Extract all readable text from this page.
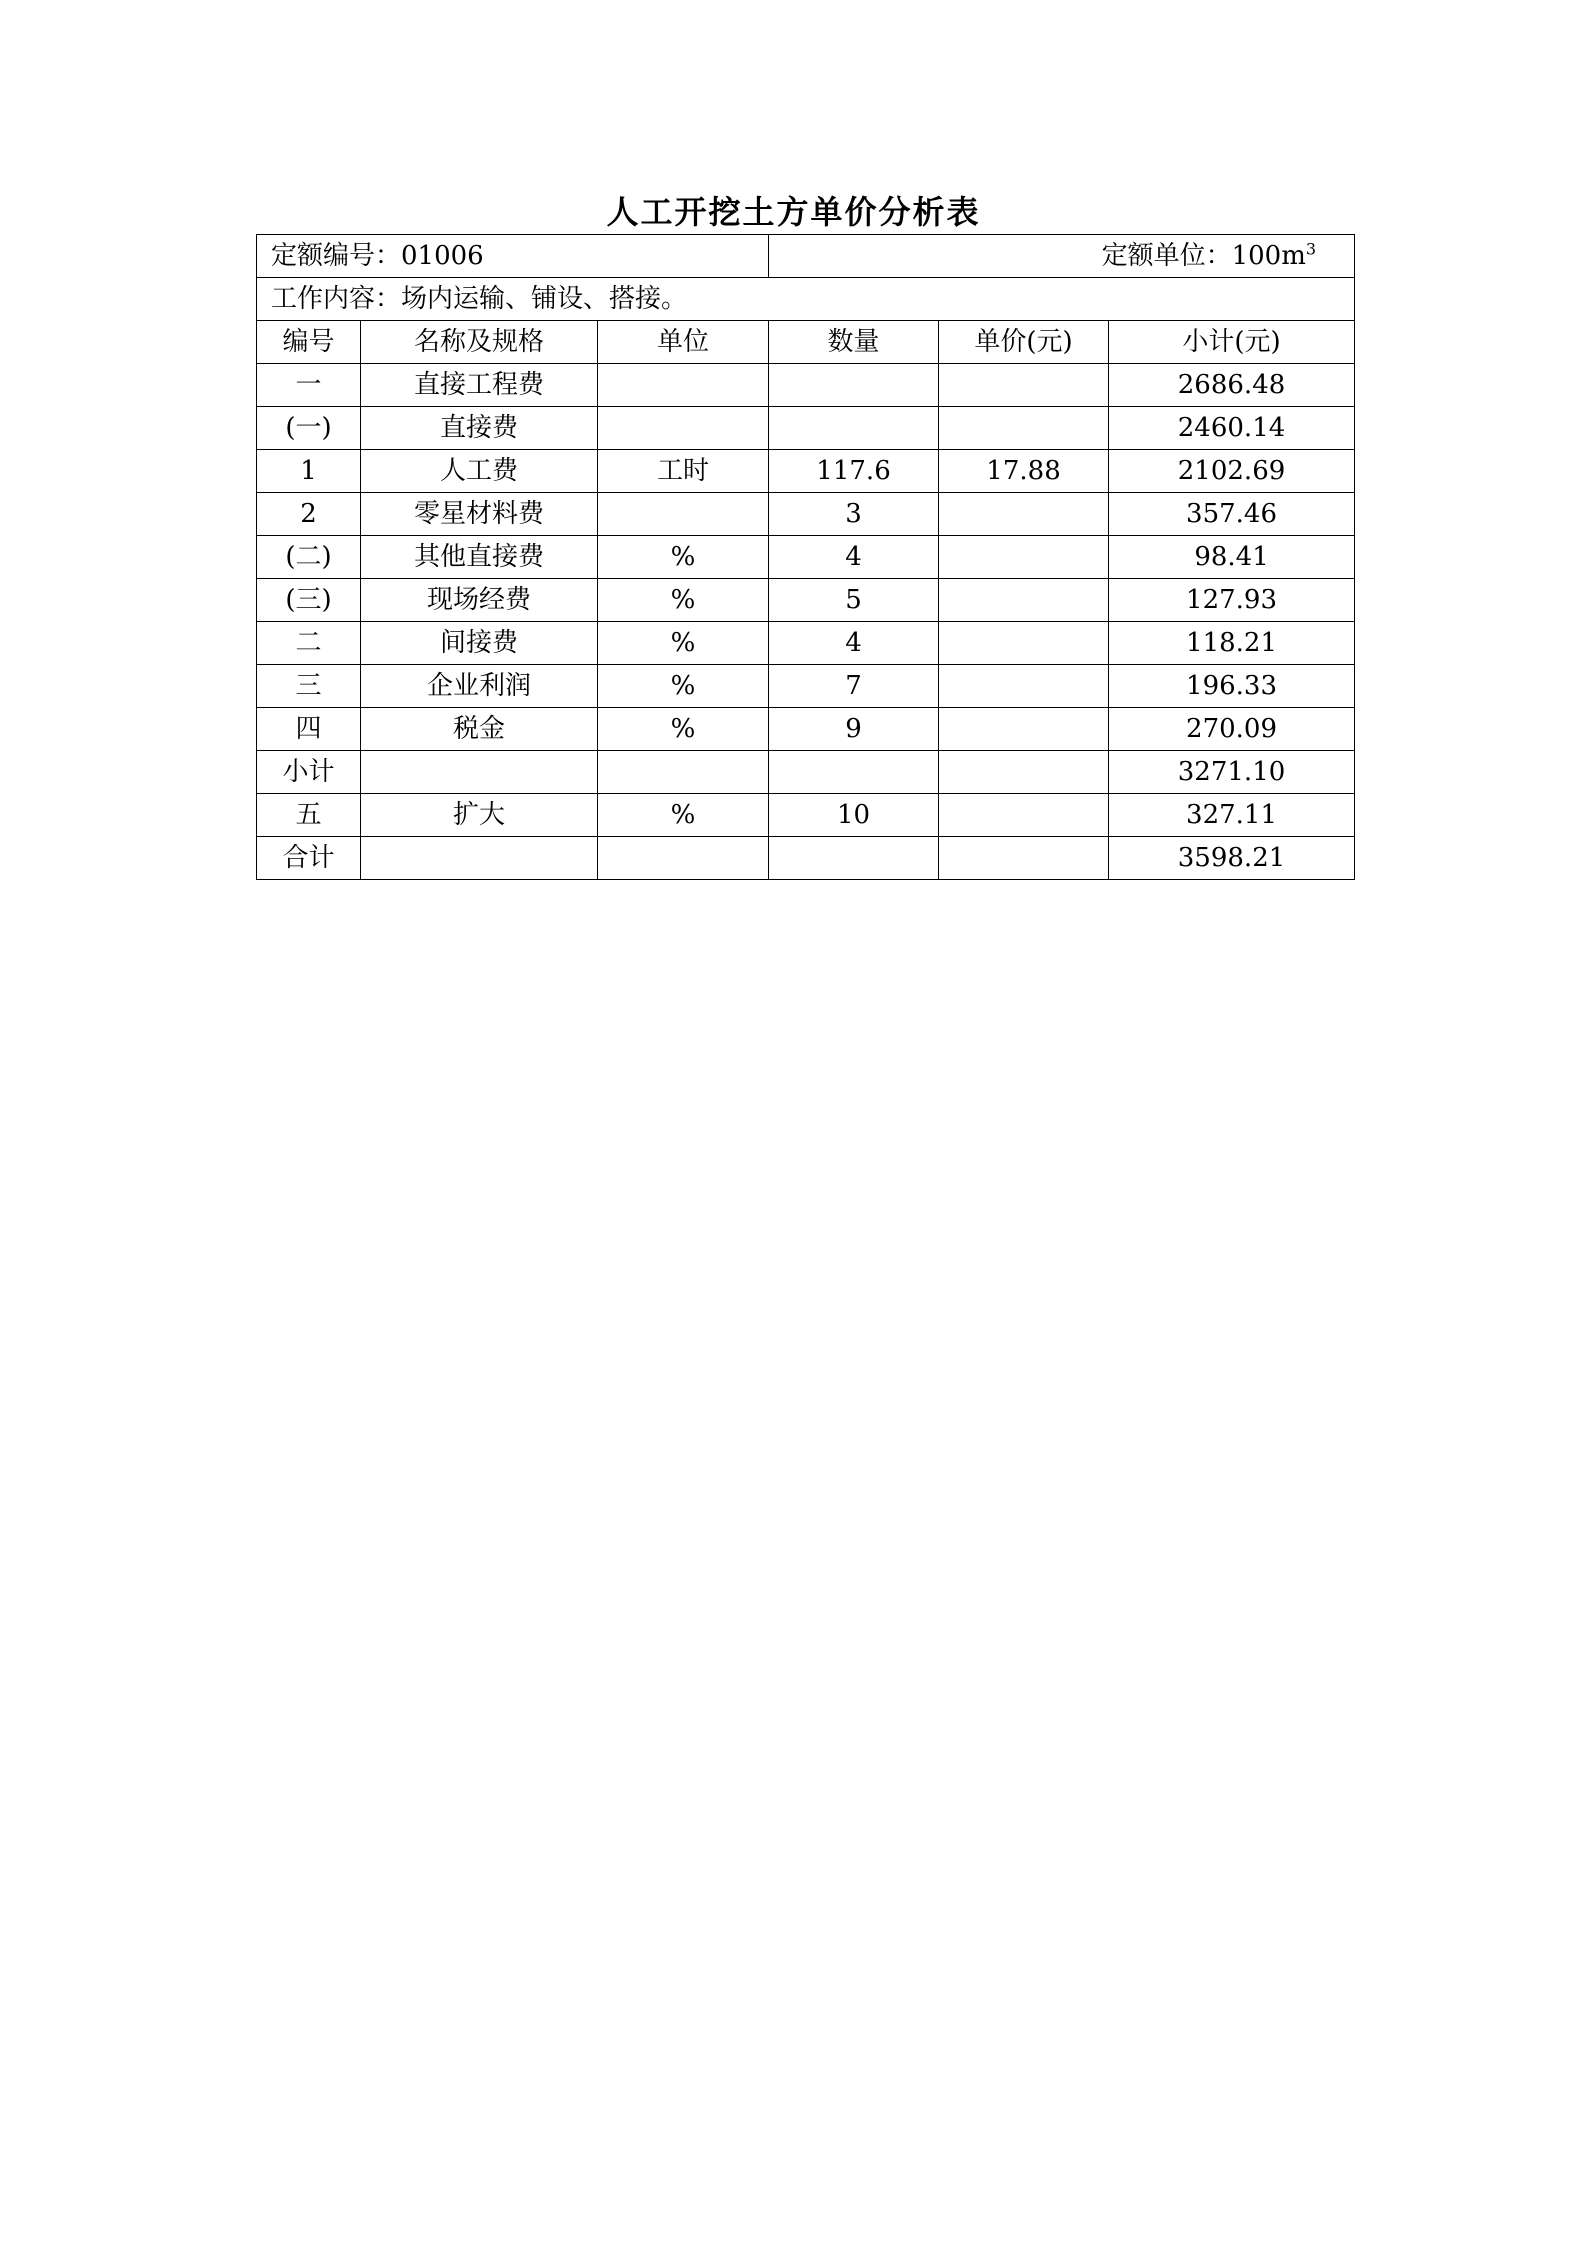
人工开挖土方单价分析表
定额编号：01006			定额单位：$100m^3$
工作内容：场内运输、铺设、搭接。					
编号	名称及规格	单位	数量	单价(元)	小计(元)
一	直接工程费				2686.48
(一)	直接费				2460.14
1	人工费	工时	117.6	17.88	2102.69
2	零星材料费		3		357.46
(二)	其他直接费	%	4		98.41
(三)	现场经费	%	5		127.93
二	间接费	%	4		118.21
三	企业利润	%	7		196.33
四	税金	%	9		270.09
小计					3271.10
五	扩大	%	10		327.11
合计					3598.21
